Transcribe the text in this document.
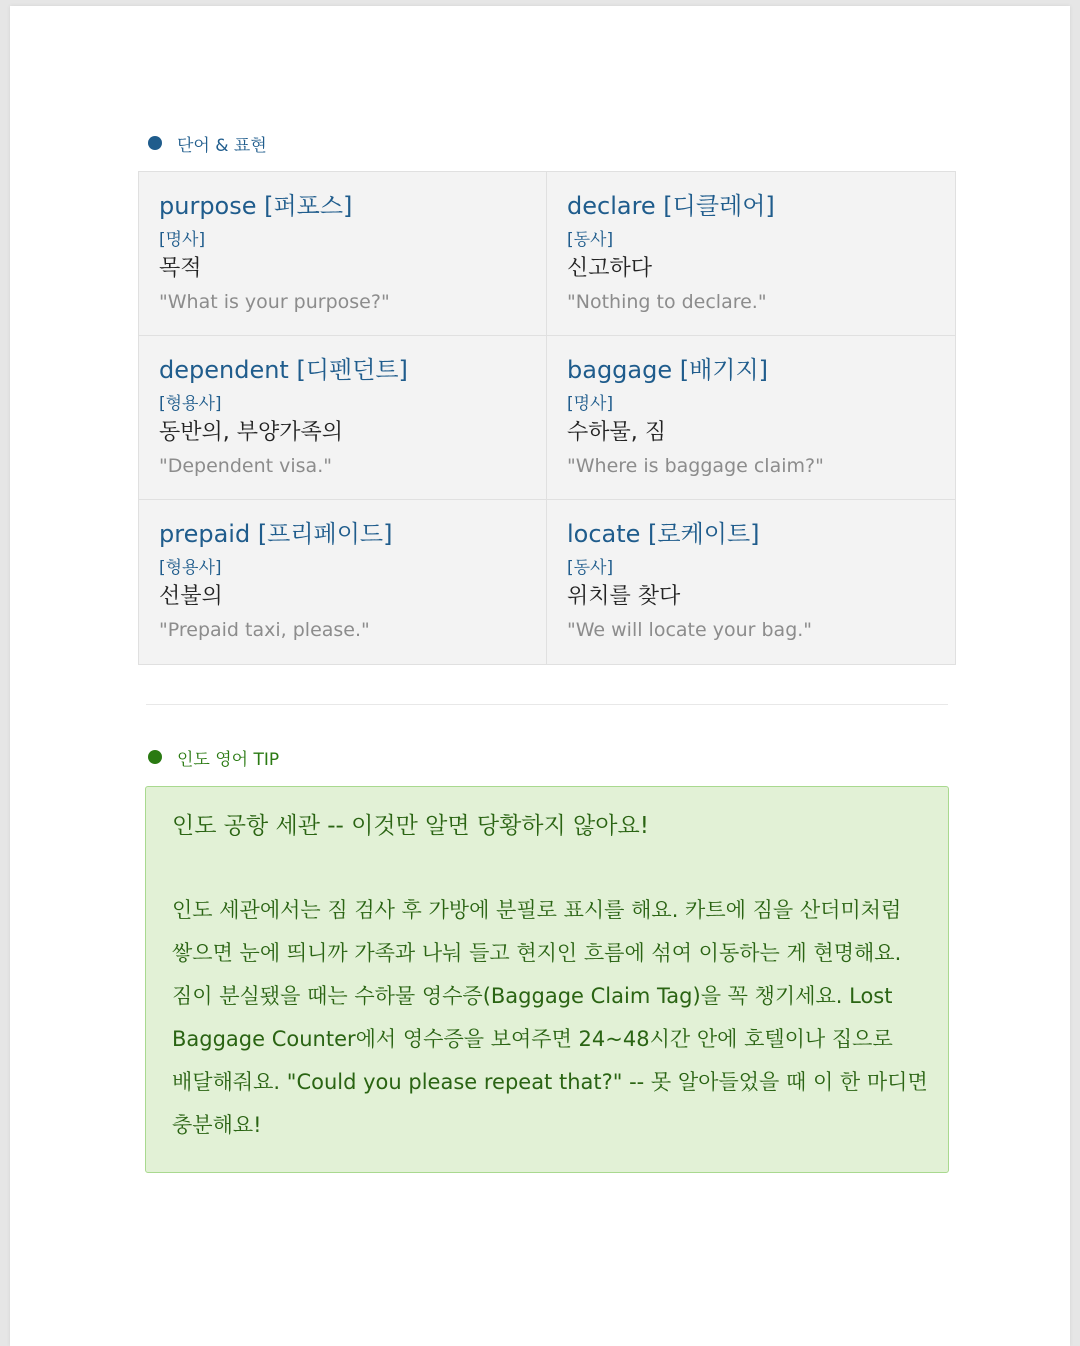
단어 & 표현
purpose [퍼포스]
[명사]
목적
"What is your purpose?"
declare [디클레어]
[동사]
신고하다
"Nothing to declare."
dependent [디펜던트]
[형용사]
동반의, 부양가족의
"Dependent visa."
baggage [배기지]
[명사]
수하물, 짐
"Where is baggage claim?"
prepaid [프리페이드]
[형용사]
선불의
"Prepaid taxi, please."
locate [로케이트]
[동사]
위치를 찾다
"We will locate your bag."
인도 영어 TIP
인도 공항 세관 -- 이것만 알면 당황하지 않아요!
인도 세관에서는 짐 검사 후 가방에 분필로 표시를 해요. 카트에 짐을 산더미처럼 쌓으면 눈에 띄니까 가족과 나눠 들고 현지인 흐름에 섞여 이동하는 게 현명해요. 짐이 분실됐을 때는 수하물 영수증(Baggage Claim Tag)을 꼭 챙기세요. Lost Baggage Counter에서 영수증을 보여주면 24~48시간 안에 호텔이나 집으로 배달해줘요. "Could you please repeat that?" -- 못 알아들었을 때 이 한 마디면 충분해요!
